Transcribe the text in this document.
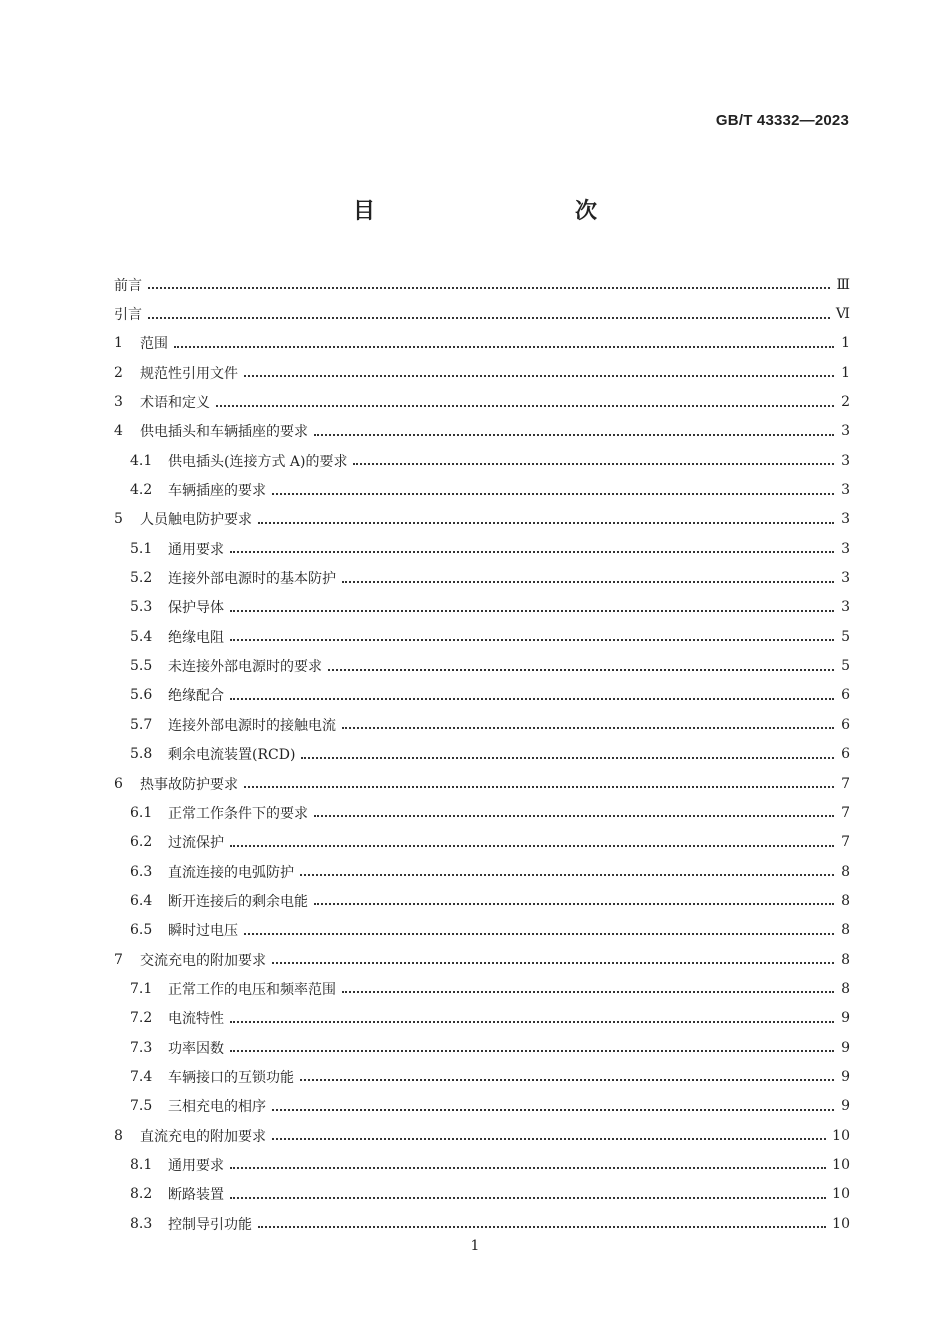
GB/T 43332—2023
目　　次
前言	Ⅲ
引言	Ⅵ
1	范围	1
2	规范性引用文件	1
3	术语和定义	2
4	供电插头和车辆插座的要求	3
4.1	供电插头(连接方式 A)的要求	3
4.2	车辆插座的要求	3
5	人员触电防护要求	3
5.1	通用要求	3
5.2	连接外部电源时的基本防护	3
5.3	保护导体	3
5.4	绝缘电阻	5
5.5	未连接外部电源时的要求	5
5.6	绝缘配合	6
5.7	连接外部电源时的接触电流	6
5.8	剩余电流装置(RCD)	6
6	热事故防护要求	7
6.1	正常工作条件下的要求	7
6.2	过流保护	7
6.3	直流连接的电弧防护	8
6.4	断开连接后的剩余电能	8
6.5	瞬时过电压	8
7	交流充电的附加要求	8
7.1	正常工作的电压和频率范围	8
7.2	电流特性	9
7.3	功率因数	9
7.4	车辆接口的互锁功能	9
7.5	三相充电的相序	9
8	直流充电的附加要求	10
8.1	通用要求	10
8.2	断路装置	10
8.3	控制导引功能	10
1
